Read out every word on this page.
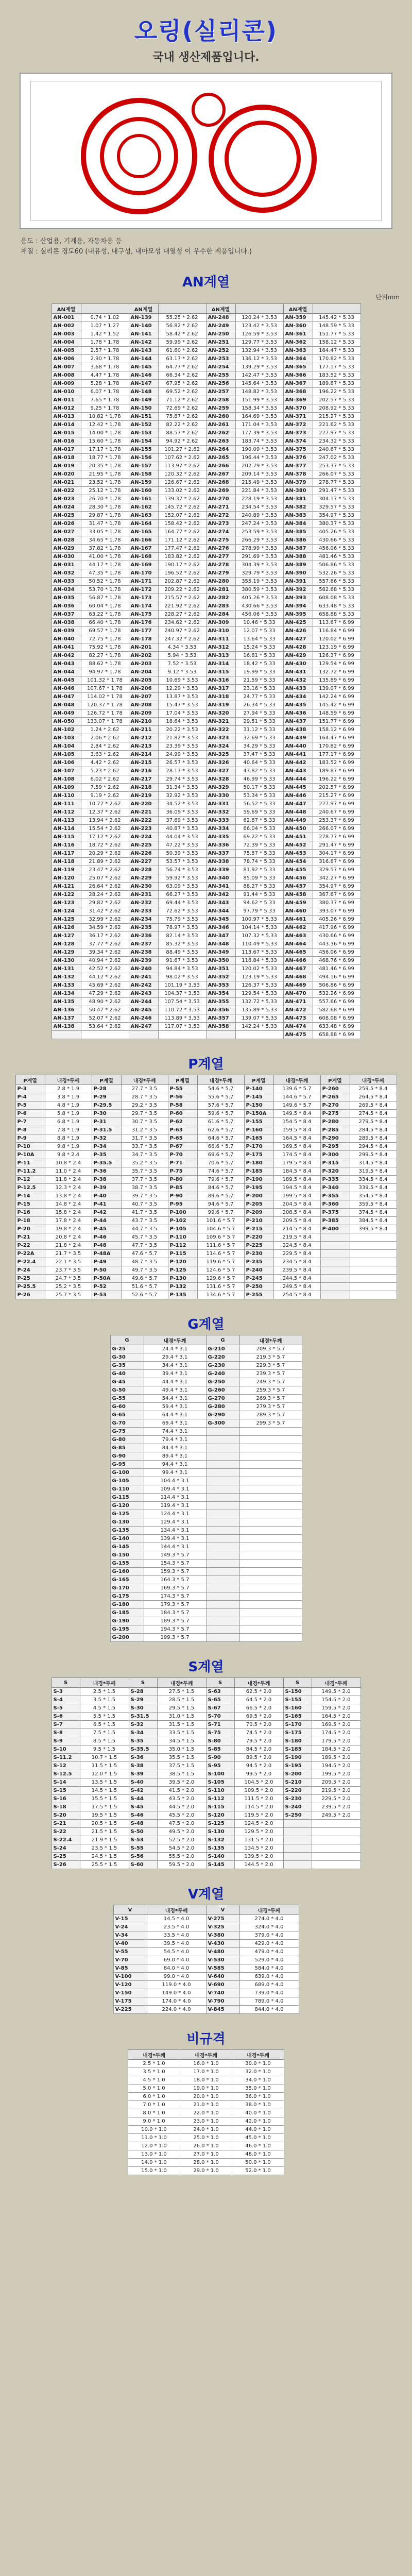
오링(실리콘)
국내 생산제품입니다.
용도 : 산업용, 기계용, 자동차용 등
재질 : 실리콘 경도60 (내유성, 내구성, 내마모성 내열성 이 우수한 제품입니다.)
AN계열
단위mm
AN계열		AN계열		AN계열		AN계열	
AN-001	0.74 * 1.02	AN-139	55.25 * 2.62	AN-248	120.24 * 3.53	AN-359	145.42 * 5.33
AN-002	1.07 * 1.27	AN-140	56.82 * 2.62	AN-249	123.42 * 3.53	AN-360	148.59 * 5.33
AN-003	1.42 * 1.52	AN-141	58.42 * 2.62	AN-250	126.59 * 3.53	AN-361	151.77 * 5.33
AN-004	1.78 * 1.78	AN-142	59.99 * 2.62	AN-251	129.77 * 3.53	AN-362	158.12 * 5.33
AN-005	2.57 * 1.78	AN-143	61.60 * 2.62	AN-252	132.94 * 3.53	AN-363	164.47 * 5.33
AN-006	2.90 * 1.78	AN-144	63.17 * 2.62	AN-253	136.12 * 3.53	AN-364	170.82 * 5.33
AN-007	3.68 * 1.78	AN-145	64.77 * 2.62	AN-254	139.29 * 3.53	AN-365	177.17 * 5.33
AN-008	4.47 * 1.78	AN-146	66.34 * 2.62	AN-255	142.47 * 3.53	AN-366	183.52 * 5.33
AN-009	5.28 * 1.78	AN-147	67.95 * 2.62	AN-256	145.64 * 3.53	AN-367	189.87 * 5.33
AN-010	6.07 * 1.78	AN-148	69.52 * 2.62	AN-257	148.82 * 3.53	AN-368	196.22 * 5.33
AN-011	7.65 * 1.78	AN-149	71.12 * 2.62	AN-258	151.99 * 3.53	AN-369	202.57 * 5.33
AN-012	9.25 * 1.78	AN-150	72.69 * 2.62	AN-259	158.34 * 3.53	AN-370	208.92 * 5.33
AN-013	10.82 * 1.78	AN-151	75.87 * 2.62	AN-260	164.69 * 3.53	AN-371	215.27 * 5.33
AN-014	12.42 * 1.78	AN-152	82.22 * 2.62	AN-261	171.04 * 3.53	AN-372	221.62 * 5.33
AN-015	14.00 * 1.78	AN-153	88.57 * 2.62	AN-262	177.39 * 3.53	AN-373	227.97 * 5.33
AN-016	15.60 * 1.78	AN-154	94.92 * 2.62	AN-263	183.74 * 3.53	AN-374	234.32 * 5.33
AN-017	17.17 * 1.78	AN-155	101.27 * 2.62	AN-264	190.09 * 3.53	AN-375	240.67 * 5.33
AN-018	18.77 * 1.78	AN-156	107.62 * 2.62	AN-265	196.44 * 3.53	AN-376	247.02 * 5.33
AN-019	20.35 * 1.78	AN-157	113.97 * 2.62	AN-266	202.79 * 3.53	AN-377	253.37 * 5.33
AN-020	21.95 * 1.78	AN-158	120.32 * 2.62	AN-267	209.14 * 3.53	AN-378	266.07 * 5.33
AN-021	23.52 * 1.78	AN-159	126.67 * 2.62	AN-268	215.49 * 3.53	AN-379	278.77 * 5.33
AN-022	25.12 * 1.78	AN-160	133.02 * 2.62	AN-269	221.84 * 3.53	AN-380	291.47 * 5.33
AN-023	26.70 * 1.78	AN-161	139.37 * 2.62	AN-270	228.19 * 3.53	AN-381	304.17 * 5.33
AN-024	28.30 * 1.78	AN-162	145.72 * 2.62	AN-271	234.54 * 3.53	AN-382	329.57 * 5.33
AN-025	29.87 * 1.78	AN-163	152.07 * 2.62	AN-272	240.89 * 3.53	AN-383	354.97 * 5.33
AN-026	31.47 * 1.78	AN-164	158.42 * 2.62	AN-273	247.24 * 3.53	AN-384	380.37 * 5.33
AN-027	33.05 * 1.78	AN-165	164.77 * 2.62	AN-274	253.59 * 3.53	AN-385	405.26 * 5.33
AN-028	34.65 * 1.78	AN-166	171.12 * 2.62	AN-275	266.29 * 3.53	AN-386	430.66 * 5.33
AN-029	37.82 * 1.78	AN-167	177.47 * 2.62	AN-276	278.99 * 3.53	AN-387	456.06 * 5.33
AN-030	41.00 * 1.78	AN-168	183.82 * 2.62	AN-277	291.69 * 3.53	AN-388	481.46 * 5.33
AN-031	44.17 * 1.78	AN-169	190.17 * 2.62	AN-278	304.39 * 3.53	AN-389	506.86 * 5.33
AN-032	47.35 * 1.78	AN-170	196.52 * 2.62	AN-279	329.79 * 3.53	AN-390	532.26 * 5.33
AN-033	50.52 * 1.78	AN-171	202.87 * 2.62	AN-280	355.19 * 3.53	AN-391	557.66 * 5.33
AN-034	53.70 * 1.78	AN-172	209.22 * 2.62	AN-281	380.59 * 3.53	AN-392	582.68 * 5.33
AN-035	56.87 * 1.78	AN-173	215.57 * 2.62	AN-282	405.26 * 3.53	AN-393	608.08 * 5.33
AN-036	60.04 * 1.78	AN-174	221.92 * 2.62	AN-283	430.66 * 3.53	AN-394	633.48 * 5.33
AN-037	63.22 * 1.78	AN-175	228.27 * 2.62	AN-284	456.06 * 3.53	AN-395	658.88 * 5.33
AN-038	66.40 * 1.78	AN-176	234.62 * 2.62	AN-309	10.46 * 5.33	AN-425	113.67 * 6.99
AN-039	69.57 * 1.78	AN-177	240.97 * 2.62	AN-310	12.07 * 5.33	AN-426	116.84 * 6.99
AN-040	72.75 * 1.78	AN-178	247.32 * 2.62	AN-311	13.64 * 5.33	AN-427	120.02 * 6.99
AN-041	75.92 * 1.78	AN-201	4.34 * 3.53	AN-312	15.24 * 5.33	AN-428	123.19 * 6.99
AN-042	82.27 * 1.78	AN-202	5.94 * 3.53	AN-313	16.81 * 5.33	AN-429	126.37 * 6.99
AN-043	88.62 * 1.78	AN-203	7.52 * 3.53	AN-314	18.42 * 5.33	AN-430	129.54 * 6.99
AN-044	94.97 * 1.78	AN-204	9.12 * 3.53	AN-315	19.99 * 5.33	AN-431	132.72 * 6.99
AN-045	101.32 * 1.78	AN-205	10.69 * 3.53	AN-316	21.59 * 5.33	AN-432	135.89 * 6.99
AN-046	107.67 * 1.78	AN-206	12.29 * 3.53	AN-317	23.16 * 5.33	AN-433	139.07 * 6.99
AN-047	114.02 * 1.78	AN-207	13.87 * 3.53	AN-318	24.77 * 5.33	AN-434	142.24 * 6.99
AN-048	120.37 * 1.78	AN-208	15.47 * 3.53	AN-319	26.34 * 5.33	AN-435	145.42 * 6.99
AN-049	126.72 * 1.78	AN-209	17.04 * 3.53	AN-320	27.94 * 5.33	AN-436	148.59 * 6.99
AN-050	133.07 * 1.78	AN-210	18.64 * 3.53	AN-321	29.51 * 5.33	AN-437	151.77 * 6.99
AN-102	1.24 * 2.62	AN-211	20.22 * 3.53	AN-322	31.12 * 5.33	AN-438	158.12 * 6.99
AN-103	2.06 * 2.62	AN-212	21.82 * 3.53	AN-323	32.69 * 5.33	AN-439	164.47 * 6.99
AN-104	2.84 * 2.62	AN-213	23.39 * 3.53	AN-324	34.29 * 5.33	AN-440	170.82 * 6.99
AN-105	3.63 * 2.62	AN-214	24.99 * 3.53	AN-325	37.47 * 5.33	AN-441	177.17 * 6.99
AN-106	4.42 * 2.62	AN-215	26.57 * 3.53	AN-326	40.64 * 5.33	AN-442	183.52 * 6.99
AN-107	5.23 * 2.62	AN-216	28.17 * 3.53	AN-327	43.82 * 5.33	AN-443	189.87 * 6.99
AN-108	6.02 * 2.62	AN-217	29.74 * 3.53	AN-328	46.99 * 5.33	AN-444	196.22 * 6.99
AN-109	7.59 * 2.62	AN-218	31.34 * 3.53	AN-329	50.17 * 5.33	AN-445	202.57 * 6.99
AN-110	9.19 * 2.62	AN-219	32.92 * 3.53	AN-330	53.34 * 5.33	AN-446	215.27 * 6.99
AN-111	10.77 * 2.62	AN-220	34.52 * 3.53	AN-331	56.52 * 5.33	AN-447	227.97 * 6.99
AN-112	12.37 * 2.62	AN-221	36.09 * 3.53	AN-332	59.69 * 5.33	AN-448	240.67 * 6.99
AN-113	13.94 * 2.62	AN-222	37.69 * 3.53	AN-333	62.87 * 5.33	AN-449	253.37 * 6.99
AN-114	15.54 * 2.62	AN-223	40.87 * 3.53	AN-334	66.04 * 5.33	AN-450	266.07 * 6.99
AN-115	17.12 * 2.62	AN-224	44.04 * 3.53	AN-335	69.22 * 5.33	AN-451	278.77 * 6.99
AN-116	18.72 * 2.62	AN-225	47.22 * 3.53	AN-336	72.39 * 5.33	AN-452	291.47 * 6.99
AN-117	20.29 * 2.62	AN-226	50.39 * 3.53	AN-337	75.57 * 5.33	AN-453	304.17 * 6.99
AN-118	21.89 * 2.62	AN-227	53.57 * 3.53	AN-338	78.74 * 5.33	AN-454	316.87 * 6.99
AN-119	23.47 * 2.62	AN-228	56.74 * 3.53	AN-339	81.92 * 5.33	AN-455	329.57 * 6.99
AN-120	25.07 * 2.62	AN-229	59.92 * 3.53	AN-340	85.09 * 5.33	AN-456	342.27 * 6.99
AN-121	26.64 * 2.62	AN-230	63.09 * 3.53	AN-341	88.27 * 5.33	AN-457	354.97 * 6.99
AN-122	28.24 * 2.62	AN-231	66.27 * 3.53	AN-342	91.44 * 5.33	AN-458	367.67 * 6.99
AN-123	29.82 * 2.62	AN-232	69.44 * 3.53	AN-343	94.62 * 5.33	AN-459	380.37 * 6.99
AN-124	31.42 * 2.62	AN-233	72.62 * 3.53	AN-344	97.79 * 5.33	AN-460	393.07 * 6.99
AN-125	32.99 * 2.62	AN-234	75.79 * 3.53	AN-345	100.97 * 5.33	AN-461	405.26 * 6.99
AN-126	34.59 * 2.62	AN-235	78.97 * 3.53	AN-346	104.14 * 5.33	AN-462	417.96 * 6.99
AN-127	36.17 * 2.62	AN-236	82.14 * 3.53	AN-347	107.32 * 5.33	AN-463	430.66 * 6.99
AN-128	37.77 * 2.62	AN-237	85.32 * 3.53	AN-348	110.49 * 5.33	AN-464	443.36 * 6.99
AN-129	39.34 * 2.62	AN-238	88.49 * 3.53	AN-349	113.67 * 5.33	AN-465	456.06 * 6.99
AN-130	40.94 * 2.62	AN-239	91.67 * 3.53	AN-350	116.84 * 5.33	AN-466	468.76 * 6.99
AN-131	42.52 * 2.62	AN-240	94.84 * 3.53	AN-351	120.02 * 5.33	AN-467	481.46 * 6.99
AN-132	44.12 * 2.62	AN-241	98.02 * 3.53	AN-352	123.19 * 5.33	AN-468	494.16 * 6.99
AN-133	45.69 * 2.62	AN-242	101.19 * 3.53	AN-353	126.37 * 5.33	AN-469	506.86 * 6.99
AN-134	47.29 * 2.62	AN-243	104.37 * 3.53	AN-354	129.54 * 5.33	AN-470	532.26 * 6.99
AN-135	48.90 * 2.62	AN-244	107.54 * 3.53	AN-355	132.72 * 5.33	AN-471	557.66 * 6.99
AN-136	50.47 * 2.62	AN-245	110.72 * 3.53	AN-356	135.89 * 5.33	AN-472	582.68 * 6.99
AN-137	52.07 * 2.62	AN-246	113.89 * 3.53	AN-357	139.07 * 5.33	AN-473	608.08 * 6.99
AN-138	53.64 * 2.62	AN-247	117.07 * 3.53	AN-358	142.24 * 5.33	AN-474	633.48 * 6.99
						AN-475	658.88 * 6.99
P계열
P계열	내경*두께	P계열	내경*두께	P계열	내경*두께	P계열	내경*두께	P계열	내경*두께
P-3	2.8 * 1.9	P-28	27.7 * 3.5	P-55	54.6 * 5.7	P-140	139.6 * 5.7	P-260	259.5 * 8.4
P-4	3.8 * 1.9	P-29	28.7 * 3.5	P-56	55.6 * 5.7	P-145	144.6 * 5.7	P-265	264.5 * 8.4
P-5	4.8 * 1.9	P-29.5	29.2 * 3.5	P-58	57.6 * 5.7	P-150	149.6 * 5.7	P-270	269.5 * 8.4
P-6	5.8 * 1.9	P-30	29.7 * 3.5	P-60	59.6 * 5.7	P-150A	149.5 * 8.4	P-275	274.5 * 8.4
P-7	6.8 * 1.9	P-31	30.7 * 3.5	P-62	61.6 * 5.7	P-155	154.5 * 8.4	P-280	279.5 * 8.4
P-8	7.8 * 1.9	P-31.5	31.2 * 3.5	P-63	62.6 * 5.7	P-160	159.5 * 8.4	P-285	284.5 * 8.4
P-9	8.8 * 1.9	P-32	31.7 * 3.5	P-65	64.6 * 5.7	P-165	164.5 * 8.4	P-290	289.5 * 8.4
P-10	9.8 * 1.9	P-34	33.7 * 3.5	P-67	66.6 * 5.7	P-170	169.5 * 8.4	P-295	294.5 * 8.4
P-10A	9.8 * 2.4	P-35	34.7 * 3.5	P-70	69.6 * 5.7	P-175	174.5 * 8.4	P-300	299.5 * 8.4
P-11	10.8 * 2.4	P-35.5	35.2 * 3.5	P-71	70.6 * 5.7	P-180	179.5 * 8.4	P-315	314.5 * 8.4
P-11.2	11.0 * 2.4	P-36	35.7 * 3.5	P-75	74.6 * 5.7	P-185	184.5 * 8.4	P-320	319.5 * 8.4
P-12	11.8 * 2.4	P-38	37.7 * 3.5	P-80	79.6 * 5.7	P-190	189.5 * 8.4	P-335	334.5 * 8.4
P-12.5	12.3 * 2.4	P-39	38.7 * 3.5	P-85	84.6 * 5.7	P-195	194.5 * 8.4	P-340	339.5 * 8.4
P-14	13.8 * 2.4	P-40	39.7 * 3.5	P-90	89.6 * 5.7	P-200	199.5 * 8.4	P-355	354.5 * 8.4
P-15	14.8 * 2.4	P-41	40.7 * 3.5	P-95	94.6 * 5.7	P-205	204.5 * 8.4	P-360	359.5 * 8.4
P-16	15.8 * 2.4	P-42	41.7 * 3.5	P-100	99.6 * 5.7	P-209	208.5 * 8.4	P-375	374.5 * 8.4
P-18	17.8 * 2.4	P-44	43.7 * 3.5	P-102	101.6 * 5.7	P-210	209.5 * 8.4	P-385	384.5 * 8.4
P-20	19.8 * 2.4	P-45	44.7 * 3.5	P-105	104.6 * 5.7	P-215	214.5 * 8.4	P-400	399.5 * 8.4
P-21	20.8 * 2.4	P-46	45.7 * 3.5	P-110	109.6 * 5.7	P-220	219.5 * 8.4		
P-22	21.8 * 2.4	P-48	47.7 * 3.5	P-112	111.6 * 5.7	P-225	224.5 * 8.4		
P-22A	21.7 * 3.5	P-48A	47.6 * 5.7	P-115	114.6 * 5.7	P-230	229.5 * 8.4		
P-22.4	22.1 * 3.5	P-49	48.7 * 3.5	P-120	119.6 * 5.7	P-235	234.5 * 8.4		
P-24	23.7 * 3.5	P-50	49.7 * 3.5	P-125	124.6 * 5.7	P-240	239.5 * 8.4		
P-25	24.7 * 3.5	P-50A	49.6 * 5.7	P-130	129.6 * 5.7	P-245	244.5 * 8.4		
P-25.5	25.2 * 3.5	P-52	51.6 * 5.7	P-132	131.6 * 5.7	P-250	249.5 * 8.4		
P-26	25.7 * 3.5	P-53	52.6 * 5.7	P-135	134.6 * 5.7	P-255	254.5 * 8.4		
G계열
G	내경*두께	G	내경*두께
G-25	24.4 * 3.1	G-210	209.3 * 5.7
G-30	29.4 * 3.1	G-220	219.3 * 5.7
G-35	34.4 * 3.1	G-230	229.3 * 5.7
G-40	39.4 * 3.1	G-240	239.3 * 5.7
G-45	44.4 * 3.1	G-250	249.3 * 5.7
G-50	49.4 * 3.1	G-260	259.3 * 5.7
G-55	54.4 * 3.1	G-270	269.3 * 5.7
G-60	59.4 * 3.1	G-280	279.3 * 5.7
G-65	64.4 * 3.1	G-290	289.3 * 5.7
G-70	69.4 * 3.1	G-300	299.3 * 5.7
G-75	74.4 * 3.1		
G-80	79.4 * 3.1		
G-85	84.4 * 3.1		
G-90	89.4 * 3.1		
G-95	94.4 * 3.1		
G-100	99.4 * 3.1		
G-105	104.4 * 3.1		
G-110	109.4 * 3.1		
G-115	114.4 * 3.1		
G-120	119.4 * 3.1		
G-125	124.4 * 3.1		
G-130	129.4 * 3.1		
G-135	134.4 * 3.1		
G-140	139.4 * 3.1		
G-145	144.4 * 3.1		
G-150	149.3 * 5.7		
G-155	154.3 * 5.7		
G-160	159.3 * 5.7		
G-165	164.3 * 5.7		
G-170	169.3 * 5.7		
G-175	174.3 * 5.7		
G-180	179.3 * 5.7		
G-185	184.3 * 5.7		
G-190	189.3 * 5.7		
G-195	194.3 * 5.7		
G-200	199.3 * 5.7		
S계열
S	내경*두께	S	내경*두께	S	내경*두께	S	내경*두께
S-3	2.5 * 1.5	S-28	27.5 * 1.5	S-63	62.5 * 2.0	S-150	149.5 * 2.0
S-4	3.5 * 1.5	S-29	28.5 * 1.5	S-65	64.5 * 2.0	S-155	154.5 * 2.0
S-5	4.5 * 1.5	S-30	29.5 * 1.5	S-67	66.5 * 2.0	S-160	159.5 * 2.0
S-6	5.5 * 1.5	S-31.5	31.0 * 1.5	S-70	69.5 * 2.0	S-165	164.5 * 2.0
S-7	6.5 * 1.5	S-32	31.5 * 1.5	S-71	70.5 * 2.0	S-170	169.5 * 2.0
S-8	7.5 * 1.5	S-34	33.5 * 1.5	S-75	74.5 * 2.0	S-175	174.5 * 2.0
S-9	8.5 * 1.5	S-35	34.5 * 1.5	S-80	79.5 * 2.0	S-180	179.5 * 2.0
S-10	9.5 * 1.5	S-35.5	35.0 * 1.5	S-85	84.5 * 2.0	S-185	184.5 * 2.0
S-11.2	10.7 * 1.5	S-36	35.5 * 1.5	S-90	89.5 * 2.0	S-190	189.5 * 2.0
S-12	11.5 * 1.5	S-38	37.5 * 1.5	S-95	94.5 * 2.0	S-195	194.5 * 2.0
S-12.5	12.0 * 1.5	S-39	38.5 * 1.5	S-100	99.5 * 2.0	S-200	199.5 * 2.0
S-14	13.5 * 1.5	S-40	39.5 * 2.0	S-105	104.5 * 2.0	S-210	209.5 * 2.0
S-15	14.5 * 1.5	S-42	41.5 * 2.0	S-110	109.5 * 2.0	S-220	219.5 * 2.0
S-16	15.5 * 1.5	S-44	43.5 * 2.0	S-112	111.5 * 2.0	S-230	229.5 * 2.0
S-18	17.5 * 1.5	S-45	44.5 * 2.0	S-115	114.5 * 2.0	S-240	239.5 * 2.0
S-20	19.5 * 1.5	S-46	45.5 * 2.0	S-120	119.5 * 2.0	S-250	249.5 * 2.0
S-21	20.5 * 1.5	S-48	47.5 * 2.0	S-125	124.5 * 2.0		
S-22	21.5 * 1.5	S-50	49.5 * 2.0	S-130	129.5 * 2.0		
S-22.4	21.9 * 1.5	S-53	52.5 * 2.0	S-132	131.5 * 2.0		
S-24	23.5 * 1.5	S-55	54.5 * 2.0	S-135	134.5 * 2.0		
S-25	24.5 * 1.5	S-56	55.5 * 2.0	S-140	139.5 * 2.0		
S-26	25.5 * 1.5	S-60	59.5 * 2.0	S-145	144.5 * 2.0		
V계열
V	내경*두께	V	내경*두께
V-15	14.5 * 4.0	V-275	274.0 * 4.0
V-24	23.5 * 4.0	V-325	324.0 * 4.0
V-34	33.5 * 4.0	V-380	379.0 * 4.0
V-40	39.5 * 4.0	V-430	429.0 * 4.0
V-55	54.5 * 4.0	V-480	479.0 * 4.0
V-70	69.0 * 4.0	V-530	529.0 * 4.0
V-85	84.0 * 4.0	V-585	584.0 * 4.0
V-100	99.0 * 4.0	V-640	639.0 * 4.0
V-120	119.0 * 4.0	V-690	689.0 * 4.0
V-150	149.0 * 4.0	V-740	739.0 * 4.0
V-175	174.0 * 4.0	V-790	789.0 * 4.0
V-225	224.0 * 4.0	V-845	844.0 * 4.0
비규격
내경*두께	내경*두께	내경*두께
2.5 * 1.0	16.0 * 1.0	30.0 * 1.0
3.5 * 1.0	17.0 * 1.0	32.0 * 1.0
4.5 * 1.0	18.0 * 1.0	34.0 * 1.0
5.0 * 1.0	19.0 * 1.0	35.0 * 1.0
6.0 * 1.0	20.0 * 1.0	36.0 * 1.0
7.0 * 1.0	21.0 * 1.0	38.0 * 1.0
8.0 * 1.0	22.0 * 1.0	40.0 * 1.0
9.0 * 1.0	23.0 * 1.0	42.0 * 1.0
10.0 * 1.0	24.0 * 1.0	44.0 * 1.0
11.0 * 1.0	25.0 * 1.0	45.0 * 1.0
12.0 * 1.0	26.0 * 1.0	46.0 * 1.0
13.0 * 1.0	27.0 * 1.0	48.0 * 1.0
14.0 * 1.0	28.0 * 1.0	50.0 * 1.0
15.0 * 1.0	29.0 * 1.0	52.0 * 1.0
